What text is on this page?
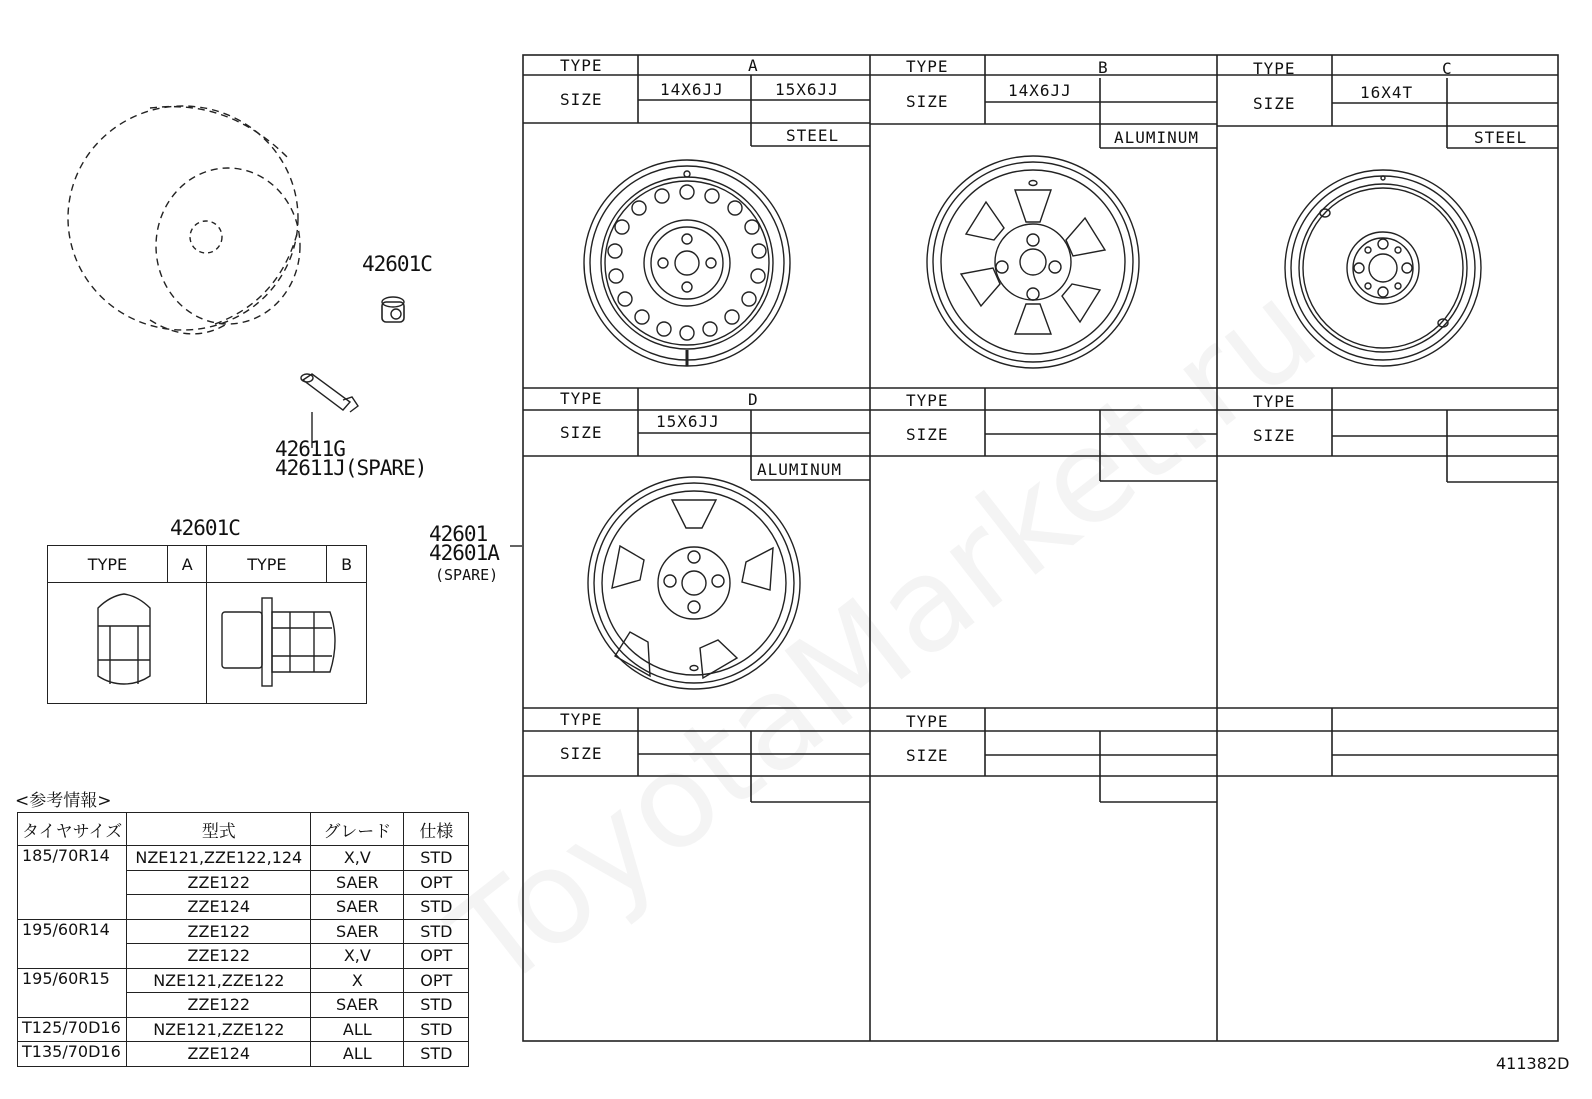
42601C
42611G
42611J(SPARE)
42601C	42601
42601A
(SPARE)
TYPE	A	TYPE	B

TYPE	A
SIZE
14X6JJ	15X6JJ
STEEL
TYPE	B
SIZE
14X6JJ
ALUMINUM
TYPE	C
SIZE
16X4T
STEEL
TYPE	D
SIZE
15X6JJ
ALUMINUM
TYPE
SIZE
TYPE
SIZE
TYPE
SIZE
TYPE
SIZE
<参考情報>
タイヤサイズ	型式	グレード	仕様
185/70R14	NZE121,ZZE122,124	X,V	STD
	ZZE122	SAER	OPT
	ZZE124	SAER	STD
195/60R14	ZZE122	SAER	STD
	ZZE122	X,V	OPT
195/60R15	NZE121,ZZE122	X	OPT
	ZZE122	SAER	STD
T125/70D16	NZE121,ZZE122	ALL	STD
T135/70D16	ZZE124	ALL	STD
411382D
